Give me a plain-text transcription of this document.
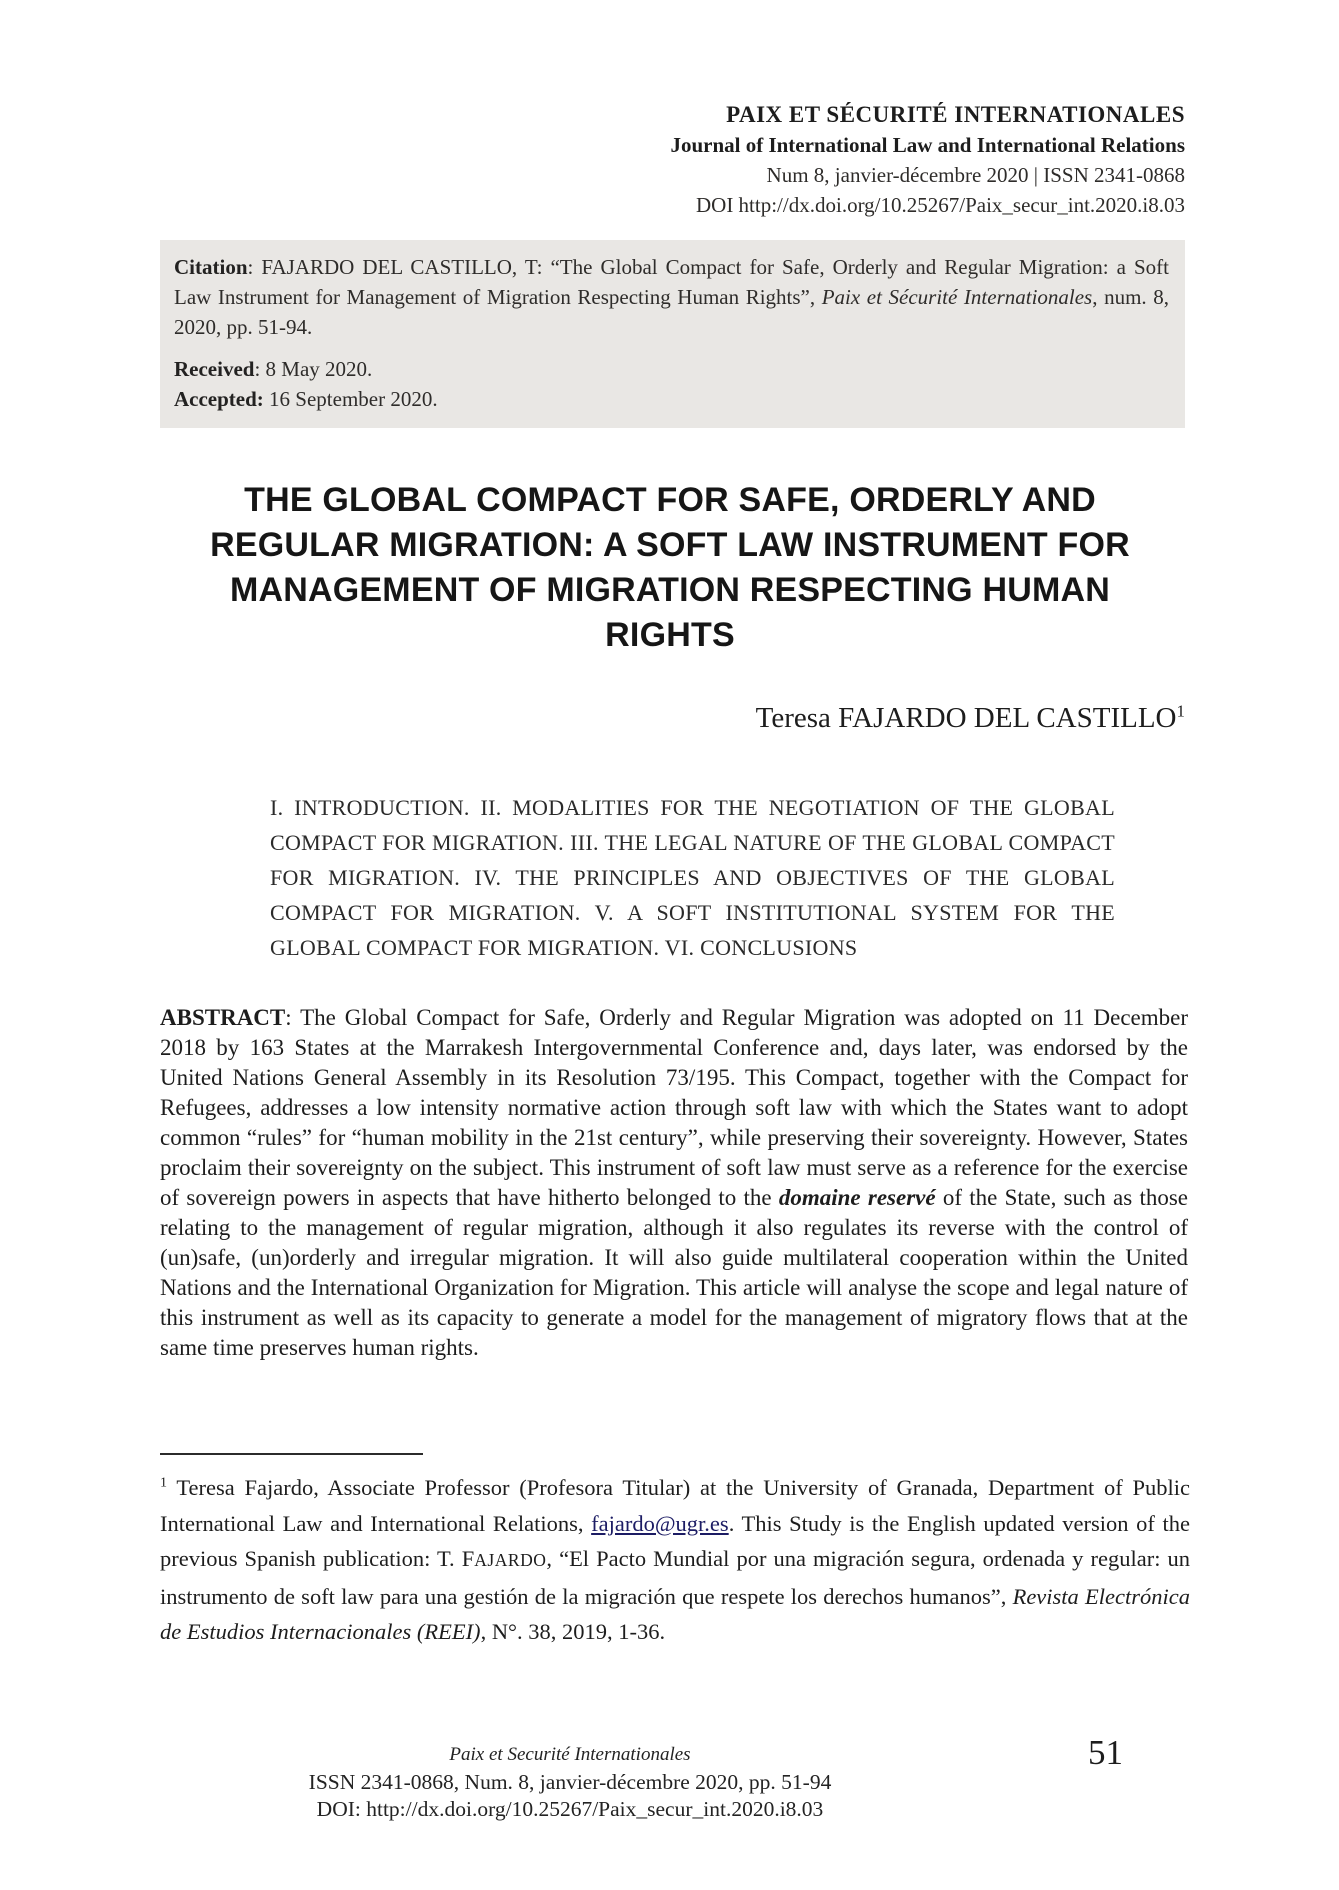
PAIX ET SÉCURITÉ INTERNATIONALES
Journal of International Law and International Relations
Num 8, janvier-décembre 2020 | ISSN 2341-0868
DOI http://dx.doi.org/10.25267/Paix_secur_int.2020.i8.03

Citation: FAJARDO DEL CASTILLO, T: “The Global Compact for Safe, Orderly and Regular Migration: a Soft Law Instrument for Management of Migration Respecting Human Rights”, Paix et Sécurité Internationales, num. 8, 2020, pp. 51-94.

Received: 8 May 2020.

Accepted: 16 September 2020.

THE GLOBAL COMPACT FOR SAFE, ORDERLY AND REGULAR MIGRATION: A SOFT LAW INSTRUMENT FOR MANAGEMENT OF MIGRATION RESPECTING HUMAN RIGHTS
Teresa FAJARDO DEL CASTILLO$^1$

I. INTRODUCTION. II. MODALITIES FOR THE NEGOTIATION OF THE GLOBAL COMPACT FOR MIGRATION. III. THE LEGAL NATURE OF THE GLOBAL COMPACT FOR MIGRATION. IV. THE PRINCIPLES AND OBJECTIVES OF THE GLOBAL COMPACT FOR MIGRATION. V. A SOFT INSTITUTIONAL SYSTEM FOR THE GLOBAL COMPACT FOR MIGRATION. VI. CONCLUSIONS

ABSTRACT: The Global Compact for Safe, Orderly and Regular Migration was adopted on 11 December 2018 by 163 States at the Marrakesh Intergovernmental Conference and, days later, was endorsed by the United Nations General Assembly in its Resolution 73/195. This Compact, together with the Compact for Refugees, addresses a low intensity normative action through soft law with which the States want to adopt common “rules” for “human mobility in the 21st century”, while preserving their sovereignty. However, States proclaim their sovereignty on the subject. This instrument of soft law must serve as a reference for the exercise of sovereign powers in aspects that have hitherto belonged to the domaine reservé of the State, such as those relating to the management of regular migration, although it also regulates its reverse with the control of (un)safe, (un)orderly and irregular migration. It will also guide multilateral cooperation within the United Nations and the International Organization for Migration. This article will analyse the scope and legal nature of this instrument as well as its capacity to generate a model for the management of migratory flows that at the same time preserves human rights.

$^1$ Teresa Fajardo, Associate Professor (Profesora Titular) at the University of Granada, Department of Public International Law and International Relations, fajardo@ugr.es. This Study is the English updated version of the previous Spanish publication: T. FAJARDO, “El Pacto Mundial por una migración segura, ordenada y regular: un instrumento de soft law para una gestión de la migración que respete los derechos humanos”, Revista Electrónica de Estudios Internacionales (REEI), N°. 38, 2019, 1-36.

Paix et Securité Internationales
ISSN 2341-0868, Num. 8, janvier-décembre 2020, pp. 51-94
DOI: http://dx.doi.org/10.25267/Paix_secur_int.2020.i8.03
51
